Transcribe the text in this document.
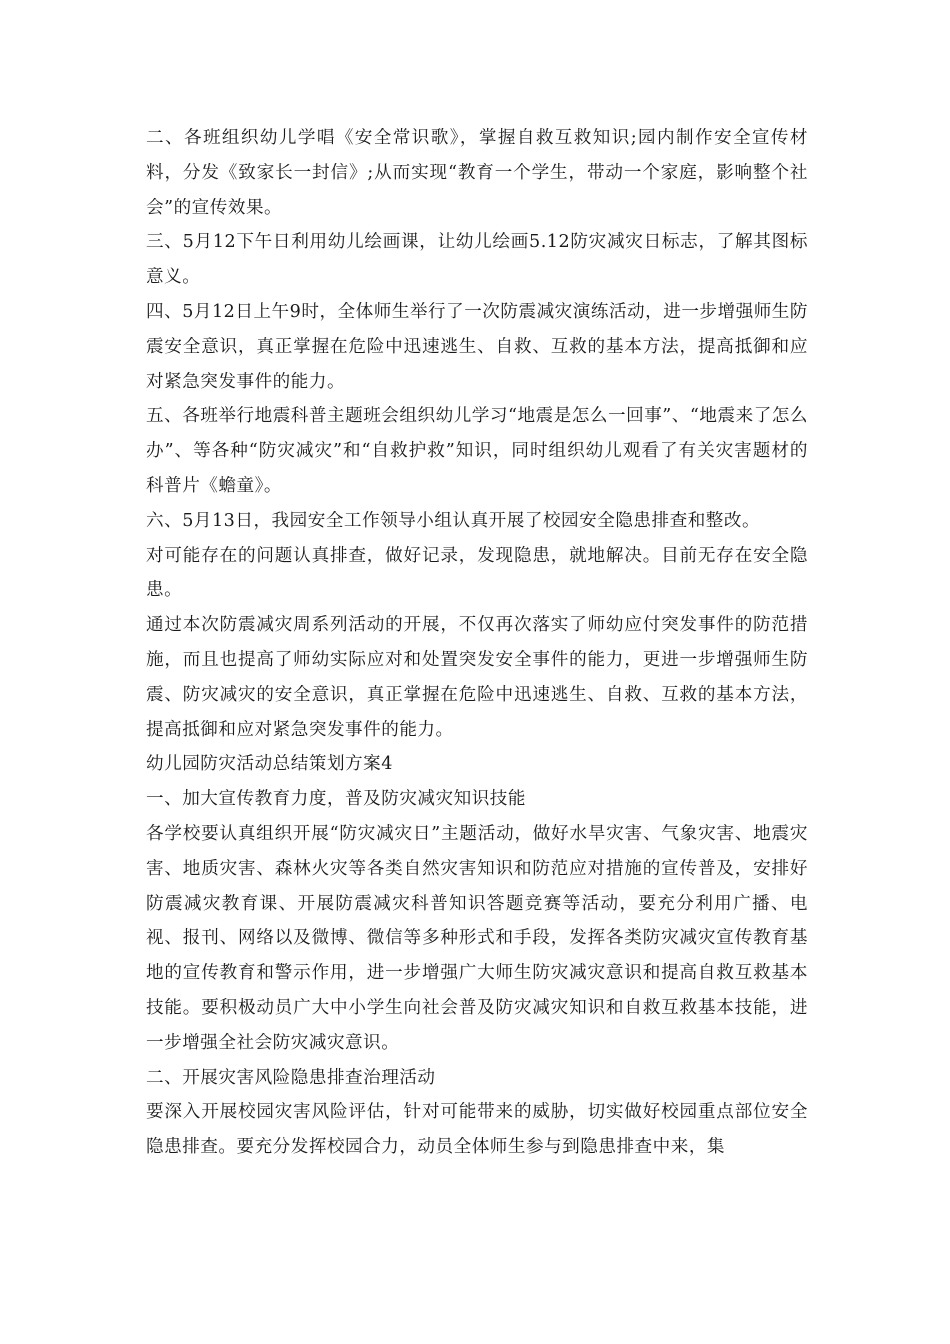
二、各班组织幼儿学唱《安全常识歌》，掌握自救互救知识;园内制作安全宣传材料，分发《致家长一封信》;从而实现“教育一个学生，带动一个家庭，影响整个社会”的宣传效果。

三、5月12下午日利用幼儿绘画课，让幼儿绘画5.12防灾减灾日标志，了解其图标意义。

四、5月12日上午9时，全体师生举行了一次防震减灾演练活动，进一步增强师生防震安全意识，真正掌握在危险中迅速逃生、自救、互救的基本方法，提高抵御和应对紧急突发事件的能力。

五、各班举行地震科普主题班会组织幼儿学习“地震是怎么一回事”、“地震来了怎么办”、等各种“防灾减灾”和“自救护救”知识，同时组织幼儿观看了有关灾害题材的科普片《蟾童》。

六、5月13日，我园安全工作领导小组认真开展了校园安全隐患排查和整改。

对可能存在的问题认真排查，做好记录，发现隐患，就地解决。目前无存在安全隐患。

通过本次防震减灾周系列活动的开展，不仅再次落实了师幼应付突发事件的防范措施，而且也提高了师幼实际应对和处置突发安全事件的能力，更进一步增强师生防震、防灾减灾的安全意识，真正掌握在危险中迅速逃生、自救、互救的基本方法，提高抵御和应对紧急突发事件的能力。

幼儿园防灾活动总结策划方案4

一、加大宣传教育力度，普及防灾减灾知识技能

各学校要认真组织开展“防灾减灾日”主题活动，做好水旱灾害、气象灾害、地震灾害、地质灾害、森林火灾等各类自然灾害知识和防范应对措施的宣传普及，安排好防震减灾教育课、开展防震减灾科普知识答题竞赛等活动，要充分利用广播、电视、报刊、网络以及微博、微信等多种形式和手段，发挥各类防灾减灾宣传教育基地的宣传教育和警示作用，进一步增强广大师生防灾减灾意识和提高自救互救基本技能。要积极动员广大中小学生向社会普及防灾减灾知识和自救互救基本技能，进一步增强全社会防灾减灾意识。

二、开展灾害风险隐患排查治理活动

要深入开展校园灾害风险评估，针对可能带来的威胁，切实做好校园重点部位安全隐患排查。要充分发挥校园合力，动员全体师生参与到隐患排查中来，集
